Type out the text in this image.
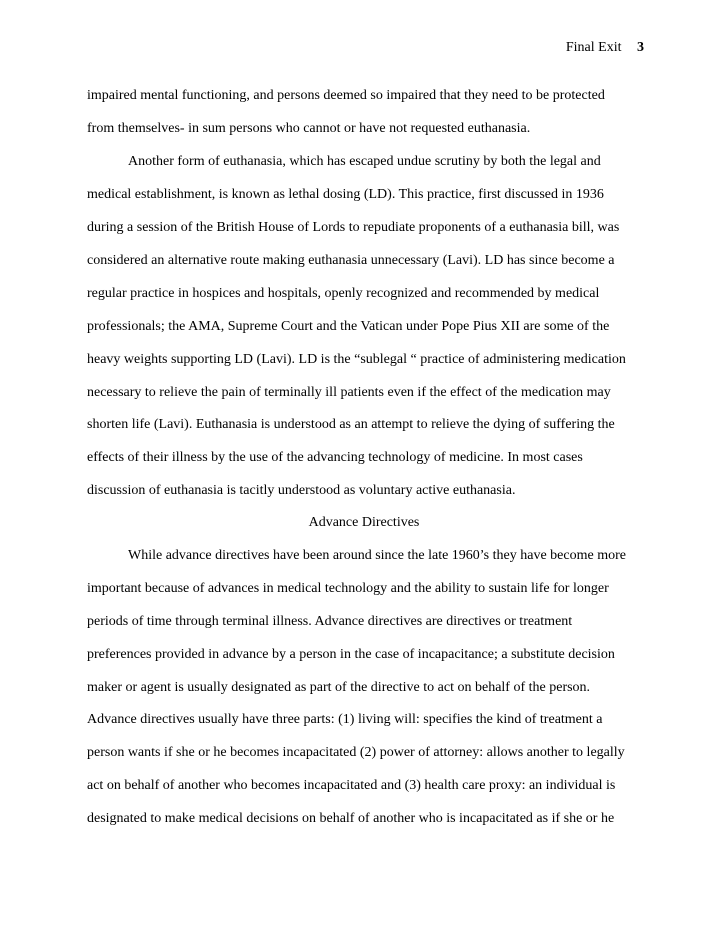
Final Exit 3
impaired mental functioning, and persons deemed so impaired that they need to be protected
from themselves- in sum persons who cannot or have not requested euthanasia.
Another form of euthanasia, which has escaped undue scrutiny by both the legal and
medical establishment, is known as lethal dosing (LD). This practice, first discussed in 1936
during a session of the British House of Lords to repudiate proponents of a euthanasia bill, was
considered an alternative route making euthanasia unnecessary (Lavi). LD has since become a
regular practice in hospices and hospitals, openly recognized and recommended by medical
professionals; the AMA, Supreme Court and the Vatican under Pope Pius XII are some of the
heavy weights supporting LD (Lavi). LD is the “sublegal “ practice of administering medication
necessary to relieve the pain of terminally ill patients even if the effect of the medication may
shorten life (Lavi). Euthanasia is understood as an attempt to relieve the dying of suffering the
effects of their illness by the use of the advancing technology of medicine. In most cases
discussion of euthanasia is tacitly understood as voluntary active euthanasia.
Advance Directives
While advance directives have been around since the late 1960’s they have become more
important because of advances in medical technology and the ability to sustain life for longer
periods of time through terminal illness. Advance directives are directives or treatment
preferences provided in advance by a person in the case of incapacitance; a substitute decision
maker or agent is usually designated as part of the directive to act on behalf of the person.
Advance directives usually have three parts: (1) living will: specifies the kind of treatment a
person wants if she or he becomes incapacitated (2) power of attorney: allows another to legally
act on behalf of another who becomes incapacitated and (3) health care proxy: an individual is
designated to make medical decisions on behalf of another who is incapacitated as if she or he
